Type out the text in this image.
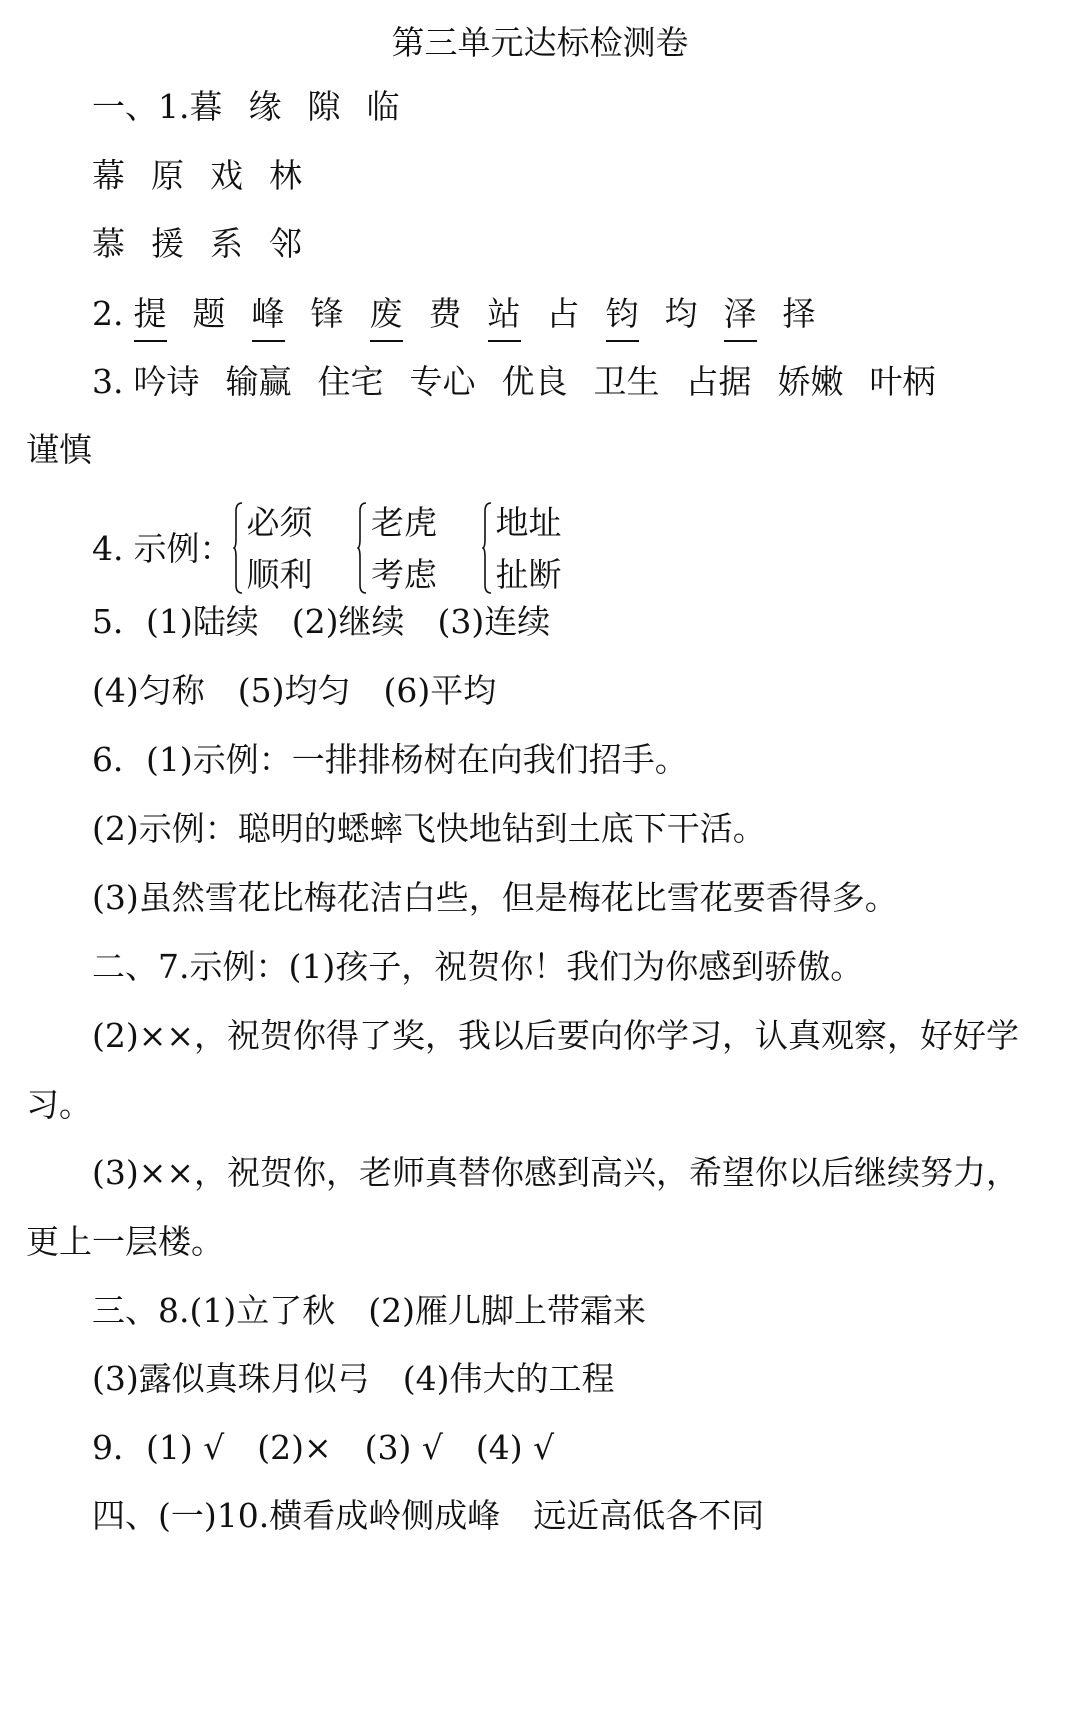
第三单元达标检测卷
一、1.暮 缘 隙 临
幕 原 戏 林
慕 援 系 邻
2. 提 题 峰 锋 废 费 站 占 钧 均 泽 择
3. 吟诗 输赢 住宅 专心 优良 卫生 占据 娇嫩 叶柄
谨慎
4. 示例：
必须
顺利

老虎
考虑

地址
扯断
5．(1)陆续　(2)继续　(3)连续
(4)匀称　(5)均匀　(6)平均
6．(1)示例：一排排杨树在向我们招手。
(2)示例：聪明的蟋蟀飞快地钻到土底下干活。
(3)虽然雪花比梅花洁白些，但是梅花比雪花要香得多。
二、7.示例：(1)孩子，祝贺你！我们为你感到骄傲。
(2)××，祝贺你得了奖，我以后要向你学习，认真观察，好好学
习。
(3)××，祝贺你，老师真替你感到高兴，希望你以后继续努力，
更上一层楼。
三、8.(1)立了秋　(2)雁儿脚上带霜来
(3)露似真珠月似弓　(4)伟大的工程
9．(1) √　(2)×　(3) √　(4) √
四、(一)10.横看成岭侧成峰　远近高低各不同
